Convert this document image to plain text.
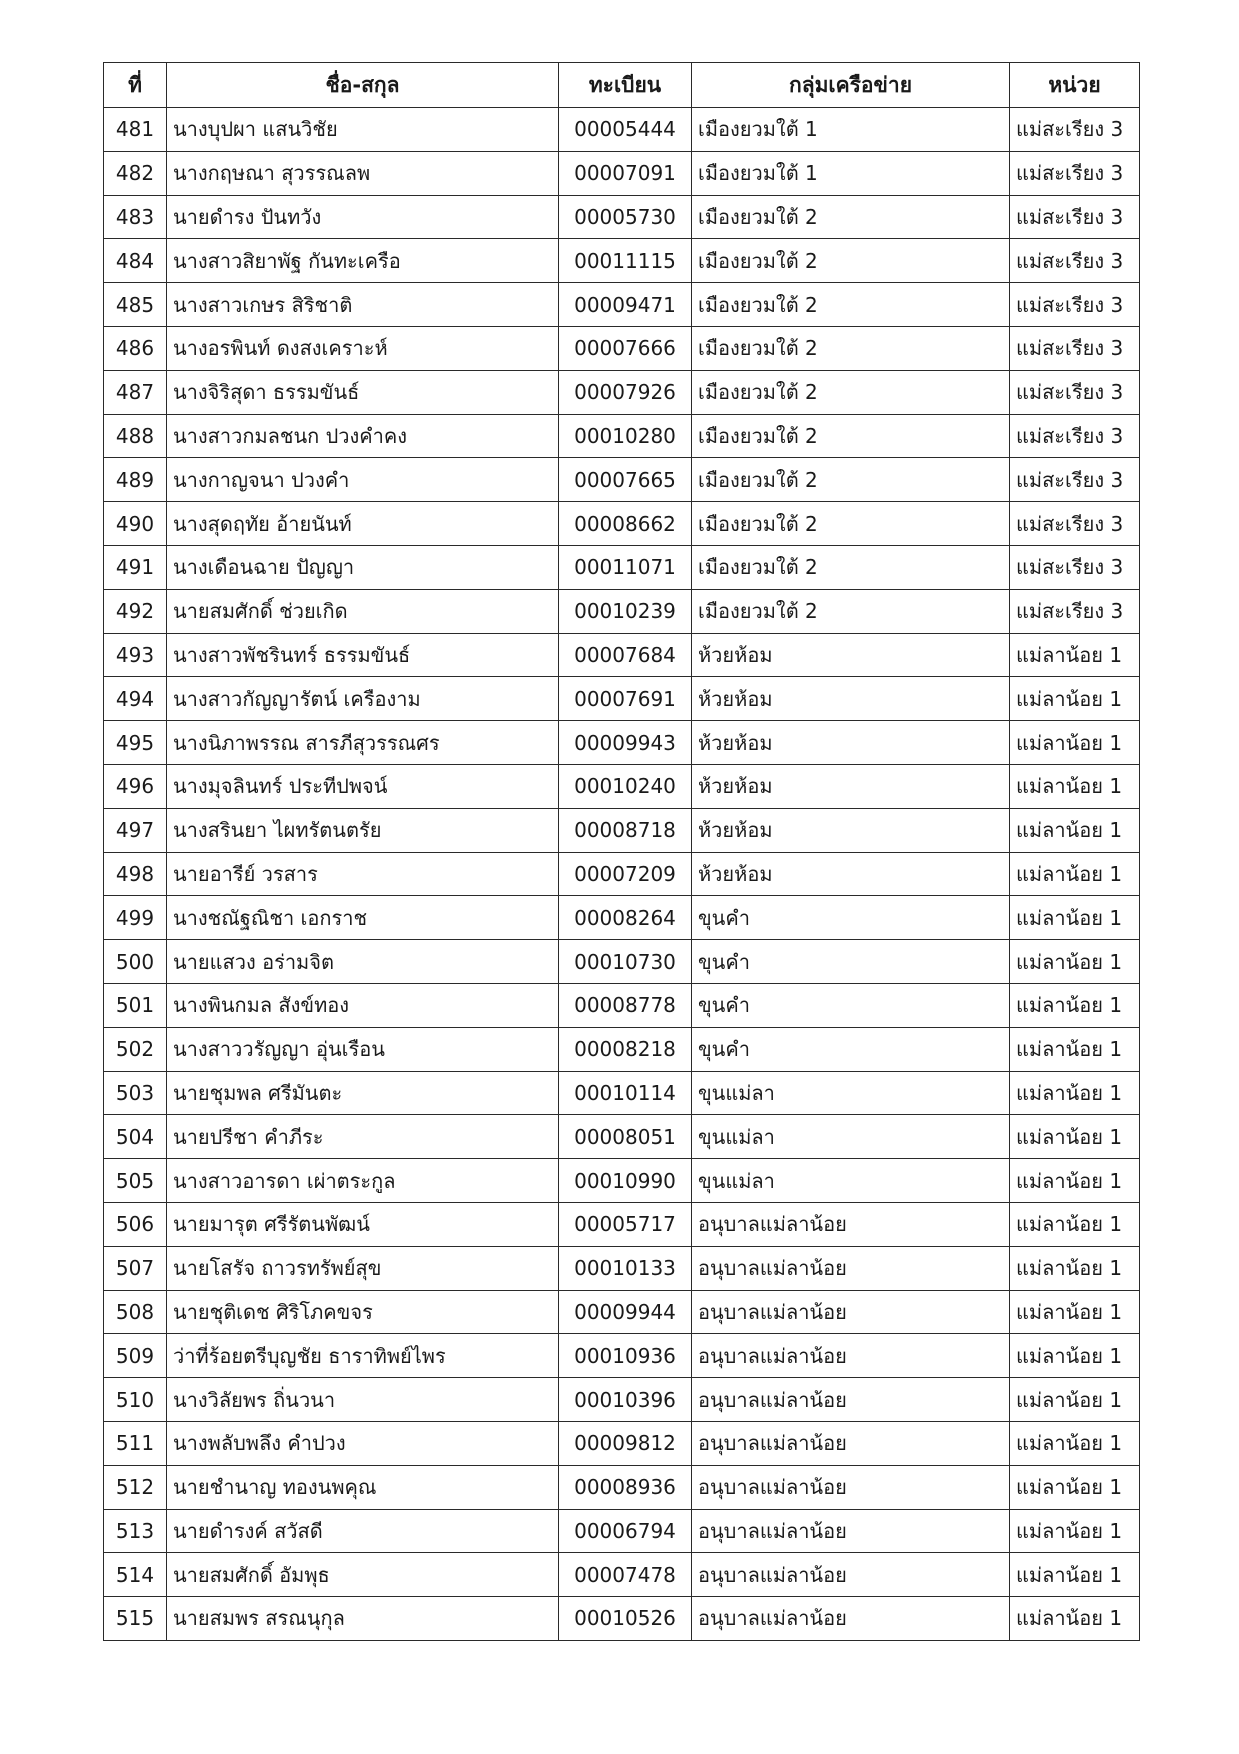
ที่	ชื่อ-สกุล	ทะเบียน	กลุ่มเครือข่าย	หน่วย
481	นางบุปผา แสนวิชัย	00005444	เมืองยวมใต้ 1	แม่สะเรียง 3
482	นางกฤษณา สุวรรณลพ	00007091	เมืองยวมใต้ 1	แม่สะเรียง 3
483	นายดำรง ปันทวัง	00005730	เมืองยวมใต้ 2	แม่สะเรียง 3
484	นางสาวสิยาพัฐ กันทะเครือ	00011115	เมืองยวมใต้ 2	แม่สะเรียง 3
485	นางสาวเกษร สิริชาติ	00009471	เมืองยวมใต้ 2	แม่สะเรียง 3
486	นางอรพินท์ ดงสงเคราะห์	00007666	เมืองยวมใต้ 2	แม่สะเรียง 3
487	นางจิริสุดา ธรรมขันธ์	00007926	เมืองยวมใต้ 2	แม่สะเรียง 3
488	นางสาวกมลชนก ปวงคำคง	00010280	เมืองยวมใต้ 2	แม่สะเรียง 3
489	นางกาญจนา ปวงคำ	00007665	เมืองยวมใต้ 2	แม่สะเรียง 3
490	นางสุดฤทัย อ้ายนันท์	00008662	เมืองยวมใต้ 2	แม่สะเรียง 3
491	นางเดือนฉาย ปัญญา	00011071	เมืองยวมใต้ 2	แม่สะเรียง 3
492	นายสมศักดิ์ ช่วยเกิด	00010239	เมืองยวมใต้ 2	แม่สะเรียง 3
493	นางสาวพัชรินทร์ ธรรมขันธ์	00007684	ห้วยห้อม	แม่ลาน้อย 1
494	นางสาวกัญญารัตน์ เครืองาม	00007691	ห้วยห้อม	แม่ลาน้อย 1
495	นางนิภาพรรณ สารภีสุวรรณศร	00009943	ห้วยห้อม	แม่ลาน้อย 1
496	นางมุจลินทร์ ประทีปพจน์	00010240	ห้วยห้อม	แม่ลาน้อย 1
497	นางสรินยา ไผทรัตนตรัย	00008718	ห้วยห้อม	แม่ลาน้อย 1
498	นายอารีย์ วรสาร	00007209	ห้วยห้อม	แม่ลาน้อย 1
499	นางชณัฐณิชา เอกราช	00008264	ขุนคำ	แม่ลาน้อย 1
500	นายแสวง อร่ามจิต	00010730	ขุนคำ	แม่ลาน้อย 1
501	นางพินกมล สังข์ทอง	00008778	ขุนคำ	แม่ลาน้อย 1
502	นางสาววรัญญา อุ่นเรือน	00008218	ขุนคำ	แม่ลาน้อย 1
503	นายชุมพล ศรีมันตะ	00010114	ขุนแม่ลา	แม่ลาน้อย 1
504	นายปรีชา คำภีระ	00008051	ขุนแม่ลา	แม่ลาน้อย 1
505	นางสาวอารดา เผ่าตระกูล	00010990	ขุนแม่ลา	แม่ลาน้อย 1
506	นายมารุต ศรีรัตนพัฒน์	00005717	อนุบาลแม่ลาน้อย	แม่ลาน้อย 1
507	นายโสรัจ ถาวรทรัพย์สุข	00010133	อนุบาลแม่ลาน้อย	แม่ลาน้อย 1
508	นายชุติเดช ศิริโภคขจร	00009944	อนุบาลแม่ลาน้อย	แม่ลาน้อย 1
509	ว่าที่ร้อยตรีบุญชัย ธาราทิพย์ไพร	00010936	อนุบาลแม่ลาน้อย	แม่ลาน้อย 1
510	นางวิลัยพร ถิ่นวนา	00010396	อนุบาลแม่ลาน้อย	แม่ลาน้อย 1
511	นางพลับพลึง คำปวง	00009812	อนุบาลแม่ลาน้อย	แม่ลาน้อย 1
512	นายชำนาญ ทองนพคุณ	00008936	อนุบาลแม่ลาน้อย	แม่ลาน้อย 1
513	นายดำรงค์ สวัสดี	00006794	อนุบาลแม่ลาน้อย	แม่ลาน้อย 1
514	นายสมศักดิ์ อัมพุธ	00007478	อนุบาลแม่ลาน้อย	แม่ลาน้อย 1
515	นายสมพร สรณนุกุล	00010526	อนุบาลแม่ลาน้อย	แม่ลาน้อย 1
